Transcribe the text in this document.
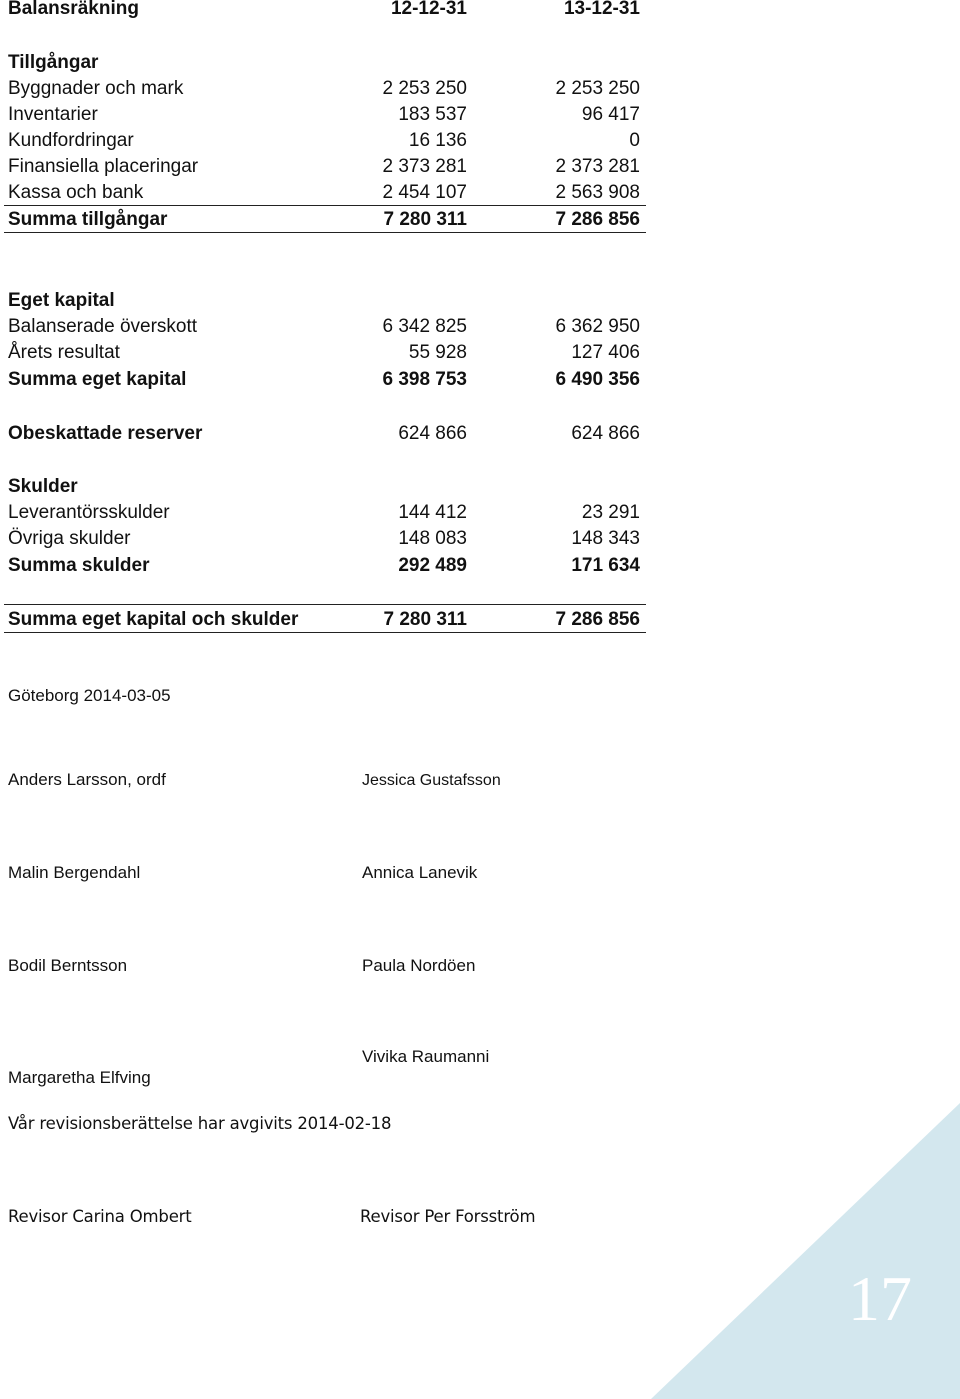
Balansräkning	12-12-31	13-12-31
Tillgångar
Byggnader och mark	2 253 250	2 253 250
Inventarier	183 537	96 417
Kundfordringar	16 136	0
Finansiella placeringar	2 373 281	2 373 281
Kassa och bank	2 454 107	2 563 908
Summa tillgångar	7 280 311	7 286 856
Eget kapital
Balanserade överskott	6 342 825	6 362 950
Årets resultat	55 928	127 406
Summa eget kapital	6 398 753	6 490 356
Obeskattade reserver	624 866	624 866
Skulder
Leverantörsskulder	144 412	23 291
Övriga skulder	148 083	148 343
Summa skulder	292 489	171 634
Summa eget kapital och skulder	7 280 311	7 286 856
Göteborg 2014-03-05
Anders Larsson, ordf	Jessica Gustafsson
Malin Bergendahl	Annica Lanevik
Bodil Berntsson	Paula Nordöen
Vivika Raumanni
Margaretha Elfving
Vår revisionsberättelse har avgivits 2014-02-18
Revisor Carina Ombert	Revisor Per Forsström
17
